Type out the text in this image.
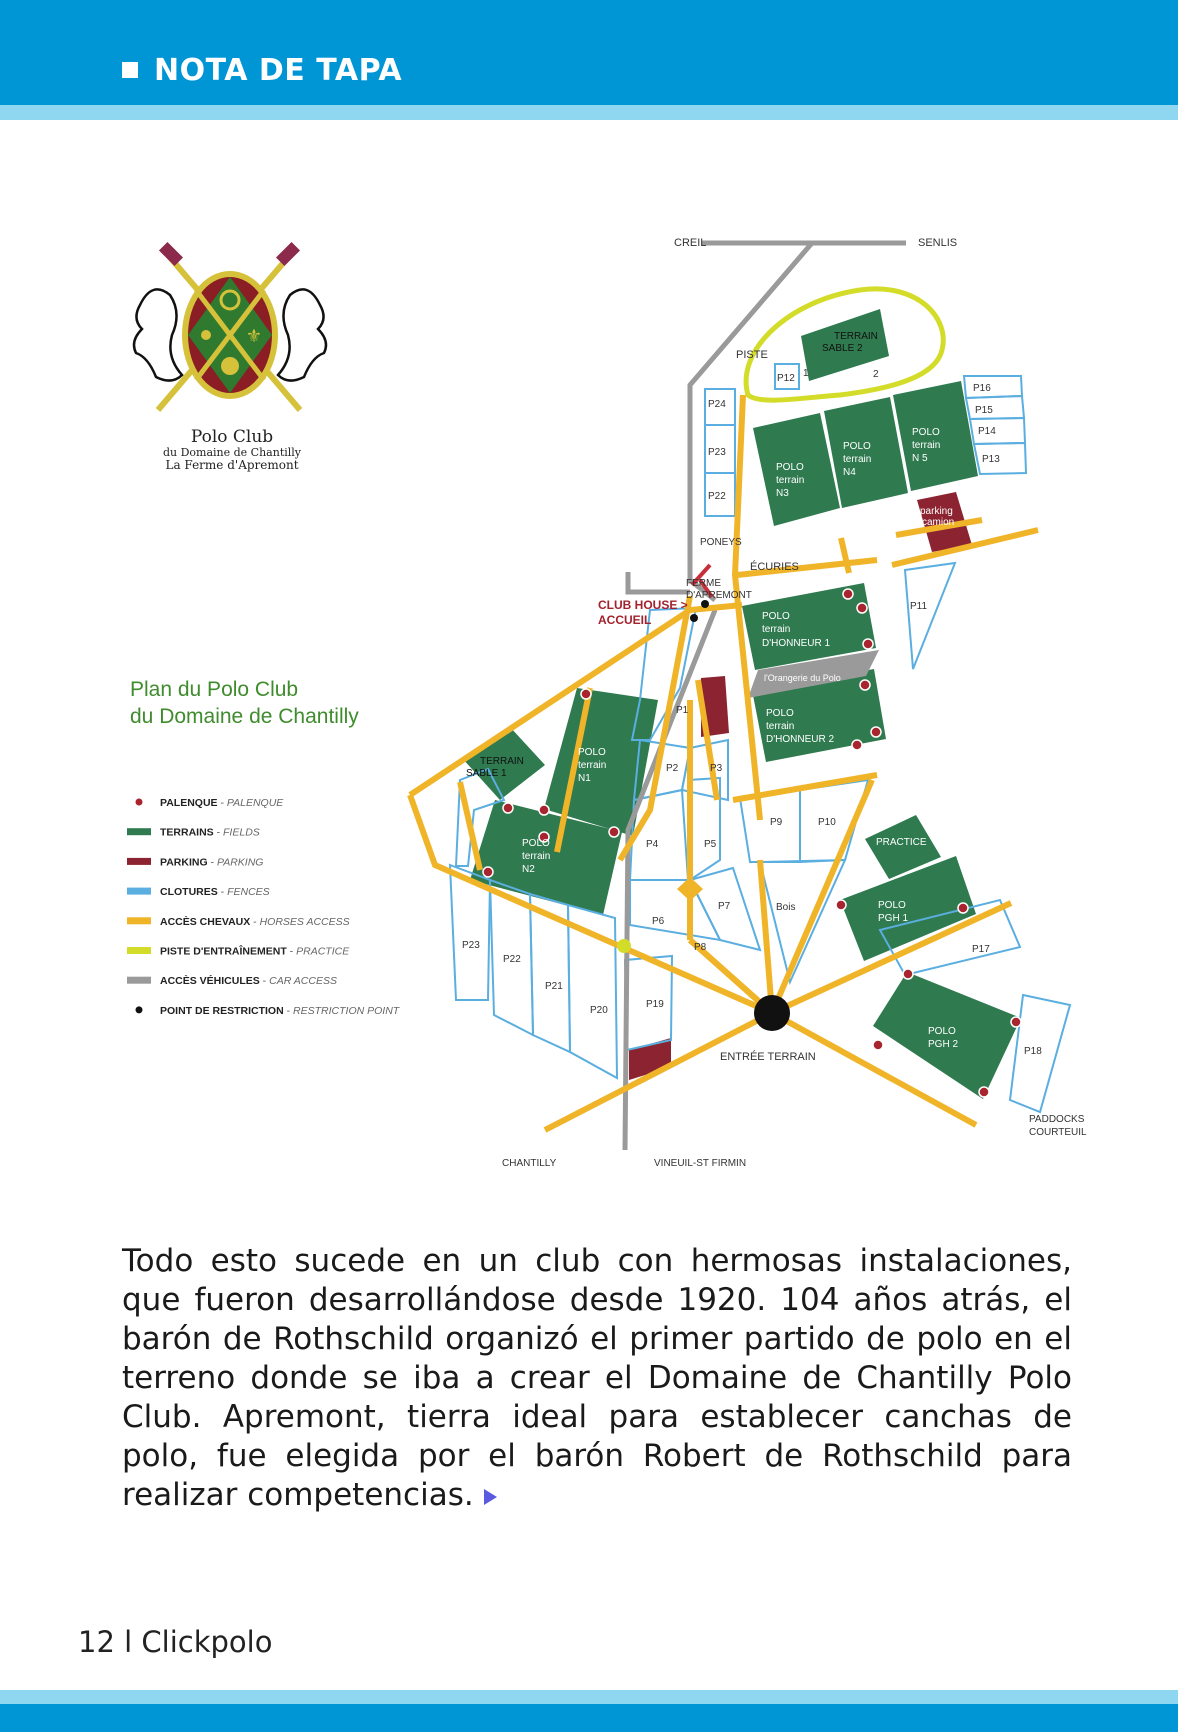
NOTA DE TAPA
⚜
Polo Club
du Domaine de Chantilly
La Ferme d'Apremont
Plan du Polo Club
du Domaine de Chantilly
PALENQUE - PALENQUE
TERRAINS - FIELDS
PARKING - PARKING
CLOTURES - FENCES
ACCÈS CHEVAUX - HORSES ACCESS
PISTE D'ENTRAÎNEMENT - PRACTICE
ACCÈS VÉHICULES - CAR ACCESS
POINT DE RESTRICTION - RESTRICTION POINT
CREIL	SENLIS
PISTE
TERRAIN
SABLE 2
1	2
P12
P24
P23
P22
P16
P15
P14
P13
POLO
terrain
N3
POLO
terrain
N4
POLO
terrain
N 5
parking
camion
PONEYS
ÉCURIES
FERME
D'APREMONT
CLUB HOUSE >
ACCUEIL
P11
POLO
terrain
D'HONNEUR 1
l'Orangerie du Polo
POLO
terrain
D'HONNEUR 2
P1
P2	P3
P4	P5
P6
P7
P8
P9	P10
Bois
TERRAIN
SABLE 1
POLO
terrain
N1
POLO
terrain
N2
PRACTICE
POLO
PGH 1
POLO
PGH 2
P17
P18
P19
P20
P21
P22
P23
ENTRÉE TERRAIN
PADDOCKS
COURTEUIL
CHANTILLY	VINEUIL-ST FIRMIN
Todo esto sucede en un club con hermosas instalaciones, que fueron desarrollándose desde 1920. 104 años atrás, el barón de Rothschild organizó el primer partido de polo en el terreno donde se iba a crear el Domaine de Chantilly Polo Club. Apremont, tierra ideal para establecer canchas de polo, fue elegida por el barón Robert de Rothschild para realizar competencias.
12 l Clickpolo
